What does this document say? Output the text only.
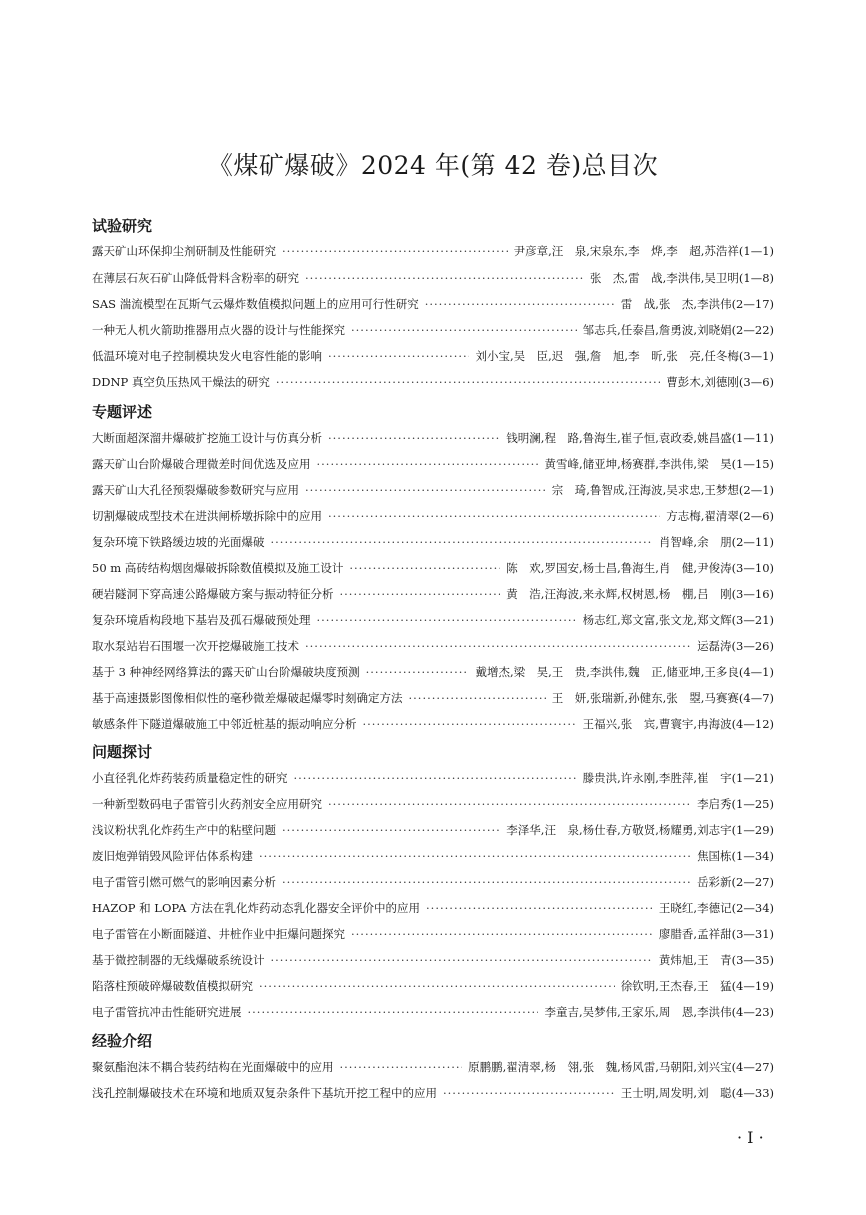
《煤矿爆破》2024 年(第 42 卷)总目次
试验研究
露天矿山环保抑尘剂研制及性能研究 ·····	尹彦章,汪　泉,宋泉东,李　烨,李　超,苏浩祥(1—1)
在薄层石灰石矿山降低骨料含粉率的研究 ·····	张　杰,雷　战,李洪伟,吴卫明(1—8)
SAS 湍流模型在瓦斯气云爆炸数值模拟问题上的应用可行性研究 ·····	雷　战,张　杰,李洪伟(2—17)
一种无人机火箭助推器用点火器的设计与性能探究 ·····	邹志兵,任泰昌,詹勇波,刘晓娟(2—22)
低温环境对电子控制模块发火电容性能的影响 ·····	刘小宝,吴　臣,迟　强,詹　旭,李　昕,张　亮,任冬梅(3—1)
DDNP 真空负压热风干燥法的研究 ·····	曹彭木,刘德刚(3—6)
专题评述
大断面超深溜井爆破扩挖施工设计与仿真分析 ·····	钱明澜,程　路,鲁海生,崔子恒,袁政委,姚昌盛(1—11)
露天矿山台阶爆破合理微差时间优选及应用 ·····	黄雪峰,储亚坤,杨赛群,李洪伟,梁　昊(1—15)
露天矿山大孔径预裂爆破参数研究与应用 ·····	宗　琦,鲁智成,汪海波,吴求忠,王梦想(2—1)
切割爆破成型技术在进洪闸桥墩拆除中的应用 ·····	方志梅,翟清翠(2—6)
复杂环境下铁路缓边坡的光面爆破 ·····	肖智峰,余　朋(2—11)
50 m 高砖结构烟囱爆破拆除数值模拟及施工设计 ·····	陈　欢,罗国安,杨士昌,鲁海生,肖　健,尹俊涛(3—10)
硬岩隧洞下穿高速公路爆破方案与振动特征分析 ·····	黄　浩,汪海波,来永辉,权树恩,杨　棚,吕　刚(3—16)
复杂环境盾构段地下基岩及孤石爆破预处理 ·····	杨志红,郑文富,张文龙,郑文辉(3—21)
取水泵站岩石围堰一次开挖爆破施工技术 ·····	运磊涛(3—26)
基于 3 种神经网络算法的露天矿山台阶爆破块度预测 ·····	戴增杰,梁　昊,王　贵,李洪伟,魏　正,储亚坤,王多良(4—1)
基于高速摄影图像相似性的毫秒微差爆破起爆零时刻确定方法 ·····	王　妍,张瑞新,孙健东,张　曌,马赛赛(4—7)
敏感条件下隧道爆破施工中邻近桩基的振动响应分析 ·····	王福兴,张　宾,曹寰宇,冉海波(4—12)
问题探讨
小直径乳化炸药装药质量稳定性的研究 ·····	滕贵洪,许永刚,李胜萍,崔　宇(1—21)
一种新型数码电子雷管引火药剂安全应用研究 ·····	李启秀(1—25)
浅议粉状乳化炸药生产中的粘壁问题 ·····	李泽华,汪　泉,杨仕春,方敬贤,杨耀勇,刘志宇(1—29)
废旧炮弹销毁风险评估体系构建 ·····	焦国栋(1—34)
电子雷管引燃可燃气的影响因素分析 ·····	岳彩新(2—27)
HAZOP 和 LOPA 方法在乳化炸药动态乳化器安全评价中的应用 ·····	王晓红,李德记(2—34)
电子雷管在小断面隧道、井桩作业中拒爆问题探究 ·····	廖腊香,孟祥甜(3—31)
基于微控制器的无线爆破系统设计 ·····	黄炜旭,王　青(3—35)
陷落柱预破碎爆破数值模拟研究 ·····	徐钦明,王杰春,王　猛(4—19)
电子雷管抗冲击性能研究进展 ·····	李童吉,吴梦伟,王家乐,周　恩,李洪伟(4—23)
经验介绍
聚氨酯泡沫不耦合装药结构在光面爆破中的应用 ·····	原鹏鹏,翟清翠,杨　翎,张　魏,杨风雷,马朝阳,刘兴宝(4—27)
浅孔控制爆破技术在环境和地质双复杂条件下基坑开挖工程中的应用 ·····	王士明,周发明,刘　聪(4—33)
· I ·
